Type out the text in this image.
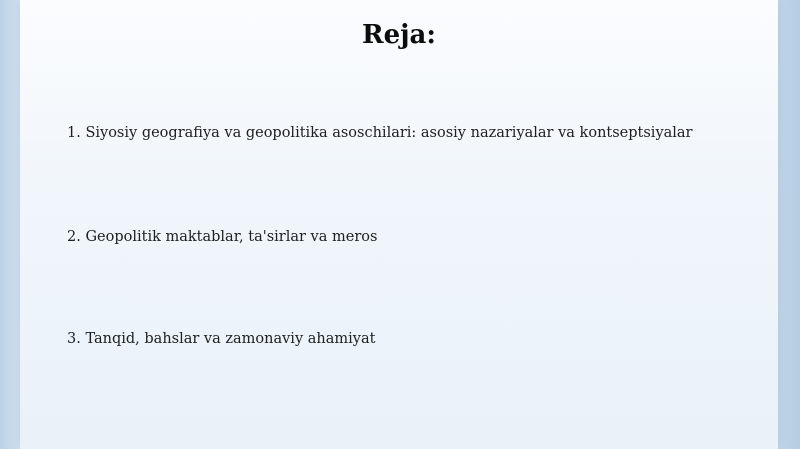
Reja:
1. Siyosiy geografiya va geopolitika asoschilari: asosiy nazariyalar va kontseptsiyalar
2. Geopolitik maktablar, ta'sirlar va meros
3. Tanqid, bahslar va zamonaviy ahamiyat
